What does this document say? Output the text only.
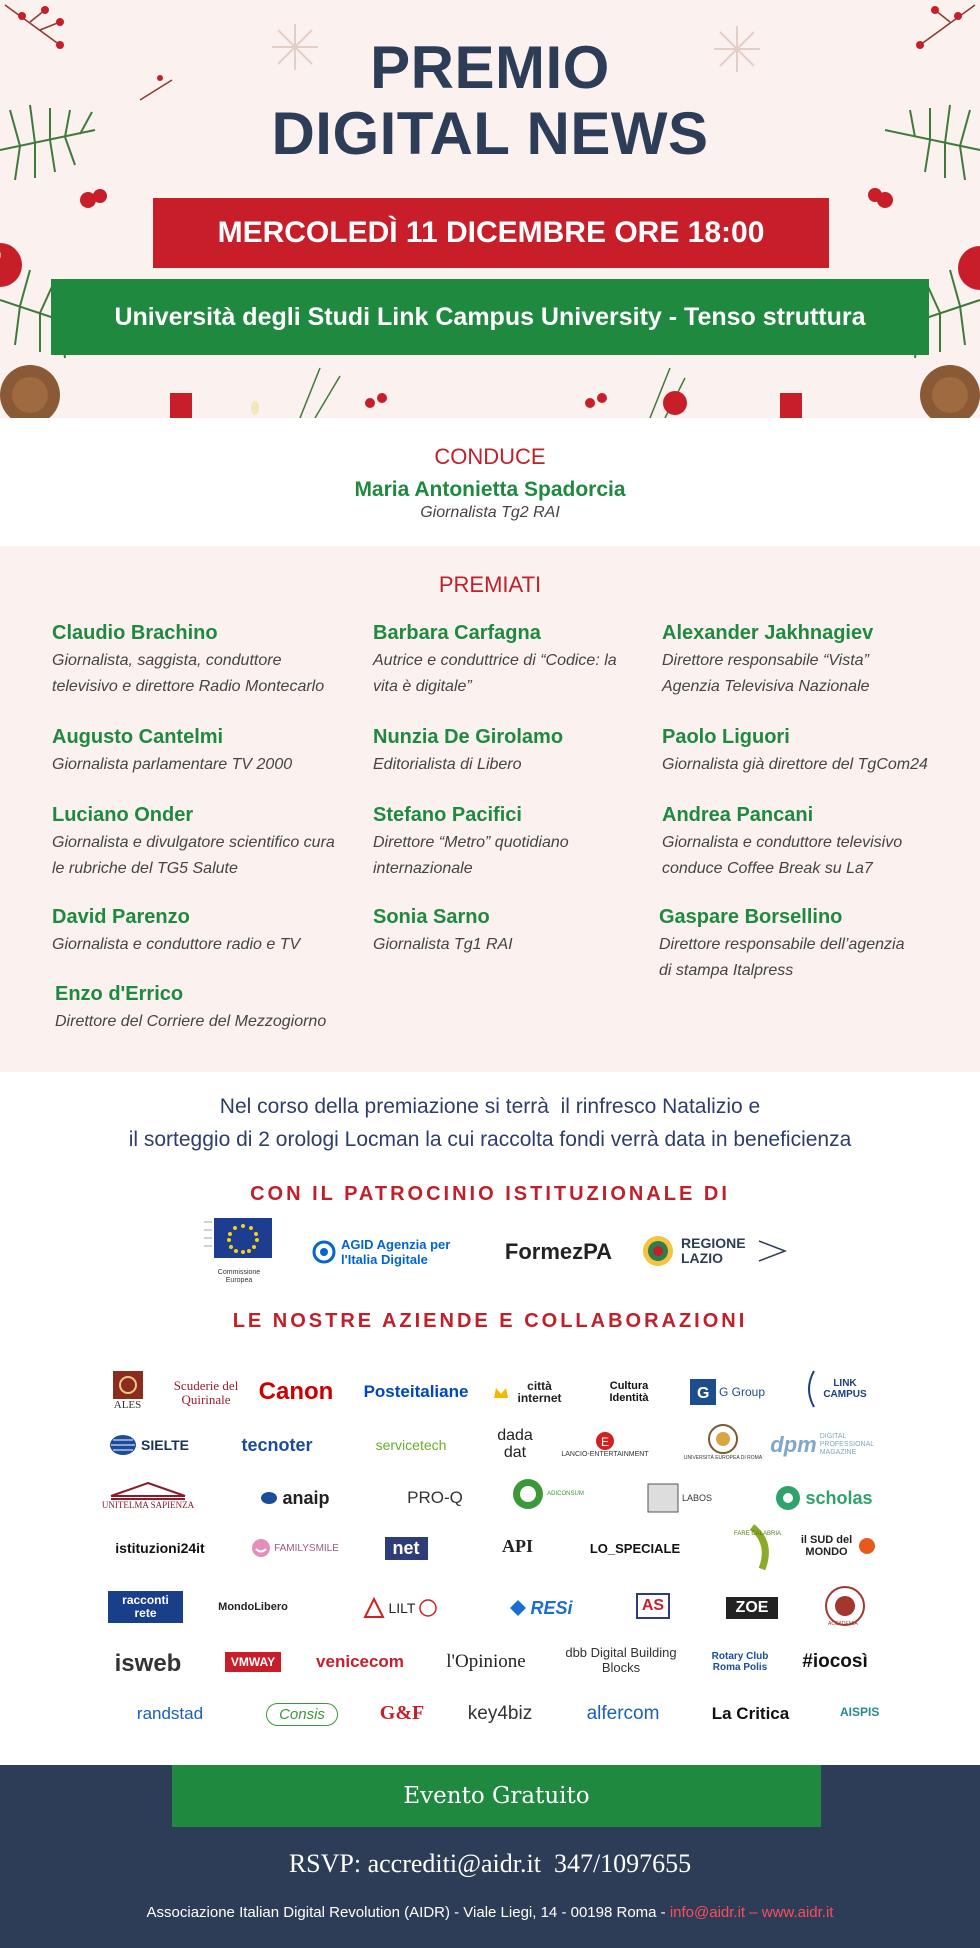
PREMIO
DIGITAL NEWS
MERCOLEDÌ 11 DICEMBRE ORE 18:00
Università degli Studi Link Campus University - Tenso struttura
CONDUCE
Maria Antonietta Spadorcia
Giornalista Tg2 RAI
PREMIATI
Claudio Brachino
Giornalista, saggista, conduttore televisivo e direttore Radio Montecarlo
Barbara Carfagna
Autrice e conduttrice di “Codice: la vita è digitale”
Alexander Jakhnagiev
Direttore responsabile “Vista” Agenzia Televisiva Nazionale
Augusto Cantelmi
Giornalista parlamentare TV 2000
Nunzia De Girolamo
Editorialista di Libero
Paolo Liguori
Giornalista già direttore del TgCom24
Luciano Onder
Giornalista e divulgatore scientifico cura le rubriche del TG5 Salute
Stefano Pacifici
Direttore “Metro” quotidiano internazionale
Andrea Pancani
Giornalista e conduttore televisivo conduce Coffee Break su La7
David Parenzo
Giornalista e conduttore radio e TV
Sonia Sarno
Giornalista Tg1 RAI
Gaspare Borsellino
Direttore responsabile dell’agenzia di stampa Italpress
Enzo d'Errico
Direttore del Corriere del Mezzogiorno
Nel corso della premiazione si terrà  il rinfresco Natalizio e
il sorteggio di 2 orologi Locman la cui raccolta fondi verrà data in beneficienza
CON IL PATROCINIO ISTITUZIONALE DI
Commissione Europea
AGID Agenzia per l'Italia Digitale	FormezPA	REGIONE LAZIO
LE NOSTRE AZIENDE E COLLABORAZIONI
ALES
Scuderie del Quirinale	Canon Posteitaliane	città internet
Cultura Identità	G G Group
LINK CAMPUS
SIELTE	tecnoter	servicetech
dada dat
E
LANCIO-ENTERTAINMENT
UNIVERSITÀ EUROPEA DI ROMA
dpm DIGITAL PROFESSIONAL MAGAZINE
UNITELMA SAPIENZA	anaip	PRO-Q	ADICONSUM	LABOS	scholas
istituzioni24it	FAMILYSMILE	net	API	LO_SPECIALE
FARE CALABRIA il SUD del MONDO
racconti rete	MondoLibero	LILT	RESi	AS	ZOE
ACCADEMIA
isweb	VMWAY	venicecom l'Opinione	dbb Digital Building Blocks
Rotary Club Roma Polis	#iocosì
randstad	Consis	G&F key4biz	alfercom	La Critica	AISPIS
Evento Gratuito
RSVP: accrediti@aidr.it  347/1097655
Associazione Italian Digital Revolution (AIDR) - Viale Liegi, 14 - 00198 Roma - info@aidr.it – www.aidr.it
